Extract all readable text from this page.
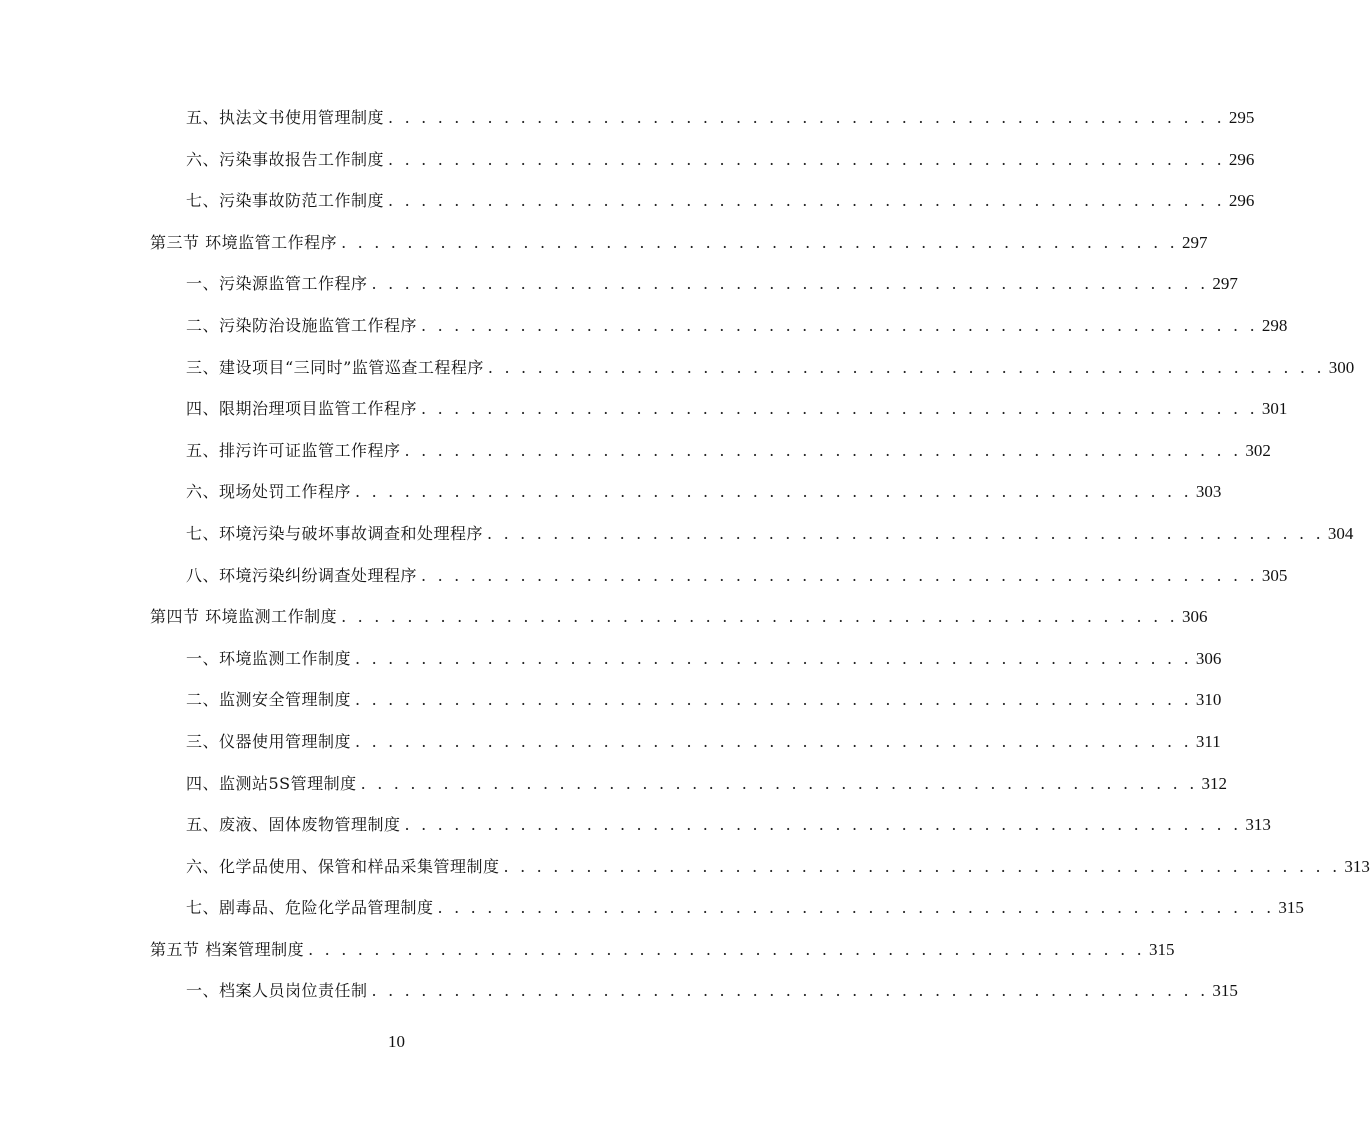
五、执法文书使用管理制度 . . . . . . . . . . . . . . . . . . . . . . . . . . . . . . . . . . . . . . . . . . . . . . . . . . . 295
六、污染事故报告工作制度 . . . . . . . . . . . . . . . . . . . . . . . . . . . . . . . . . . . . . . . . . . . . . . . . . . . 296
七、污染事故防范工作制度 . . . . . . . . . . . . . . . . . . . . . . . . . . . . . . . . . . . . . . . . . . . . . . . . . . . 296
第三节 环境监管工作程序 . . . . . . . . . . . . . . . . . . . . . . . . . . . . . . . . . . . . . . . . . . . . . . . . . . . 297
一、污染源监管工作程序 . . . . . . . . . . . . . . . . . . . . . . . . . . . . . . . . . . . . . . . . . . . . . . . . . . . 297
二、污染防治设施监管工作程序 . . . . . . . . . . . . . . . . . . . . . . . . . . . . . . . . . . . . . . . . . . . . . . . . . . . 298
三、建设项目“三同时”监管巡查工程程序 . . . . . . . . . . . . . . . . . . . . . . . . . . . . . . . . . . . . . . . . . . . . . . . . . . . 300
四、限期治理项目监管工作程序 . . . . . . . . . . . . . . . . . . . . . . . . . . . . . . . . . . . . . . . . . . . . . . . . . . . 301
五、排污许可证监管工作程序 . . . . . . . . . . . . . . . . . . . . . . . . . . . . . . . . . . . . . . . . . . . . . . . . . . . 302
六、现场处罚工作程序 . . . . . . . . . . . . . . . . . . . . . . . . . . . . . . . . . . . . . . . . . . . . . . . . . . . 303
七、环境污染与破坏事故调查和处理程序 . . . . . . . . . . . . . . . . . . . . . . . . . . . . . . . . . . . . . . . . . . . . . . . . . . . 304
八、环境污染纠纷调查处理程序 . . . . . . . . . . . . . . . . . . . . . . . . . . . . . . . . . . . . . . . . . . . . . . . . . . . 305
第四节 环境监测工作制度 . . . . . . . . . . . . . . . . . . . . . . . . . . . . . . . . . . . . . . . . . . . . . . . . . . . 306
一、环境监测工作制度 . . . . . . . . . . . . . . . . . . . . . . . . . . . . . . . . . . . . . . . . . . . . . . . . . . . 306
二、监测安全管理制度 . . . . . . . . . . . . . . . . . . . . . . . . . . . . . . . . . . . . . . . . . . . . . . . . . . . 310
三、仪器使用管理制度 . . . . . . . . . . . . . . . . . . . . . . . . . . . . . . . . . . . . . . . . . . . . . . . . . . . 311
四、监测站5S管理制度 . . . . . . . . . . . . . . . . . . . . . . . . . . . . . . . . . . . . . . . . . . . . . . . . . . . 312
五、废液、固体废物管理制度 . . . . . . . . . . . . . . . . . . . . . . . . . . . . . . . . . . . . . . . . . . . . . . . . . . . 313
六、化学品使用、保管和样品采集管理制度 . . . . . . . . . . . . . . . . . . . . . . . . . . . . . . . . . . . . . . . . . . . . . . . . . . . 313
七、剧毒品、危险化学品管理制度 . . . . . . . . . . . . . . . . . . . . . . . . . . . . . . . . . . . . . . . . . . . . . . . . . . . 315
第五节 档案管理制度 . . . . . . . . . . . . . . . . . . . . . . . . . . . . . . . . . . . . . . . . . . . . . . . . . . . 315
一、档案人员岗位责任制 . . . . . . . . . . . . . . . . . . . . . . . . . . . . . . . . . . . . . . . . . . . . . . . . . . . 315
10
